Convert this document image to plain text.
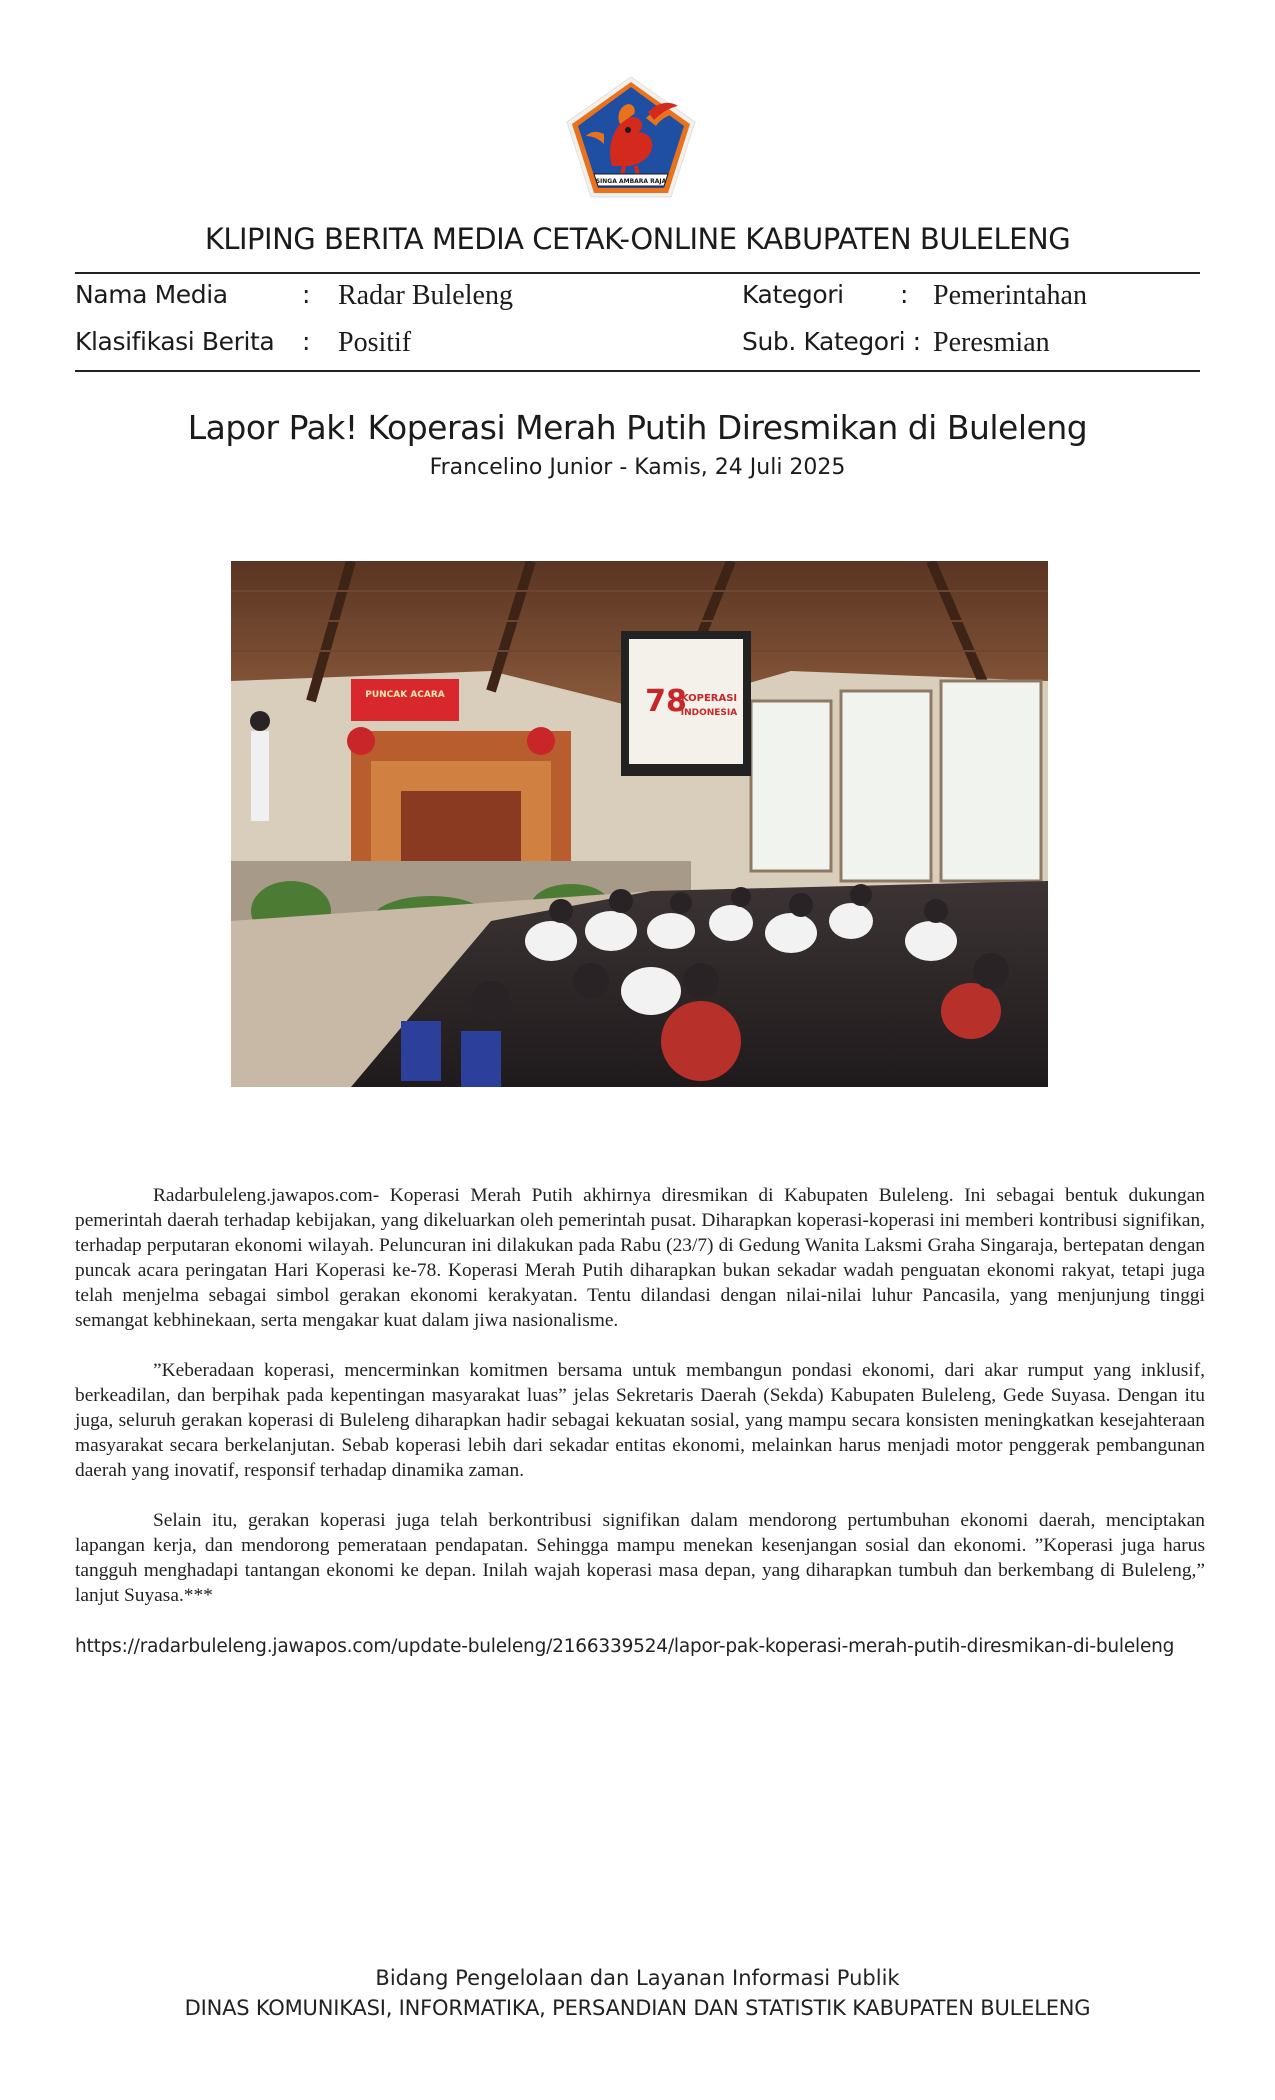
SINGA AMBARA RAJA
KLIPING BERITA MEDIA CETAK-ONLINE KABUPATEN BULELENG
Nama Media	: Radar Buleleng	Kategori : Pemerintahan
Klasifikasi Berita : Positif	Sub. Kategori : Peresmian
Lapor Pak! Koperasi Merah Putih Diresmikan di Buleleng
Francelino Junior - Kamis, 24 Juli 2025
PUNCAK ACARA	78
KOPERASI
INDONESIA

Radarbuleleng.jawapos.com- Koperasi Merah Putih akhirnya diresmikan di Kabupaten Buleleng. Ini sebagai bentuk dukungan pemerintah daerah terhadap kebijakan, yang dikeluarkan oleh pemerintah pusat. Diharapkan koperasi-koperasi ini memberi kontribusi signifikan, terhadap perputaran ekonomi wilayah. Peluncuran ini dilakukan pada Rabu (23/7) di Gedung Wanita Laksmi Graha Singaraja, bertepatan dengan puncak acara peringatan Hari Koperasi ke-78. Koperasi Merah Putih diharapkan bukan sekadar wadah penguatan ekonomi rakyat, tetapi juga telah menjelma sebagai simbol gerakan ekonomi kerakyatan. Tentu dilandasi dengan nilai-nilai luhur Pancasila, yang menjunjung tinggi semangat kebhinekaan, serta mengakar kuat dalam jiwa nasionalisme.

”Keberadaan koperasi, mencerminkan komitmen bersama untuk membangun pondasi ekonomi, dari akar rumput yang inklusif, berkeadilan, dan berpihak pada kepentingan masyarakat luas” jelas Sekretaris Daerah (Sekda) Kabupaten Buleleng, Gede Suyasa. Dengan itu juga, seluruh gerakan koperasi di Buleleng diharapkan hadir sebagai kekuatan sosial, yang mampu secara konsisten meningkatkan kesejahteraan masyarakat secara berkelanjutan. Sebab koperasi lebih dari sekadar entitas ekonomi, melainkan harus menjadi motor penggerak pembangunan daerah yang inovatif, responsif terhadap dinamika zaman.

Selain itu, gerakan koperasi juga telah berkontribusi signifikan dalam mendorong pertumbuhan ekonomi daerah, menciptakan lapangan kerja, dan mendorong pemerataan pendapatan. Sehingga mampu menekan kesenjangan sosial dan ekonomi. ”Koperasi juga harus tangguh menghadapi tantangan ekonomi ke depan. Inilah wajah koperasi masa depan, yang diharapkan tumbuh dan berkembang di Buleleng,” lanjut Suyasa.***

https://radarbuleleng.jawapos.com/update-buleleng/2166339524/lapor-pak-koperasi-merah-putih-diresmikan-di-buleleng
Bidang Pengelolaan dan Layanan Informasi Publik
DINAS KOMUNIKASI, INFORMATIKA, PERSANDIAN DAN STATISTIK KABUPATEN BULELENG
